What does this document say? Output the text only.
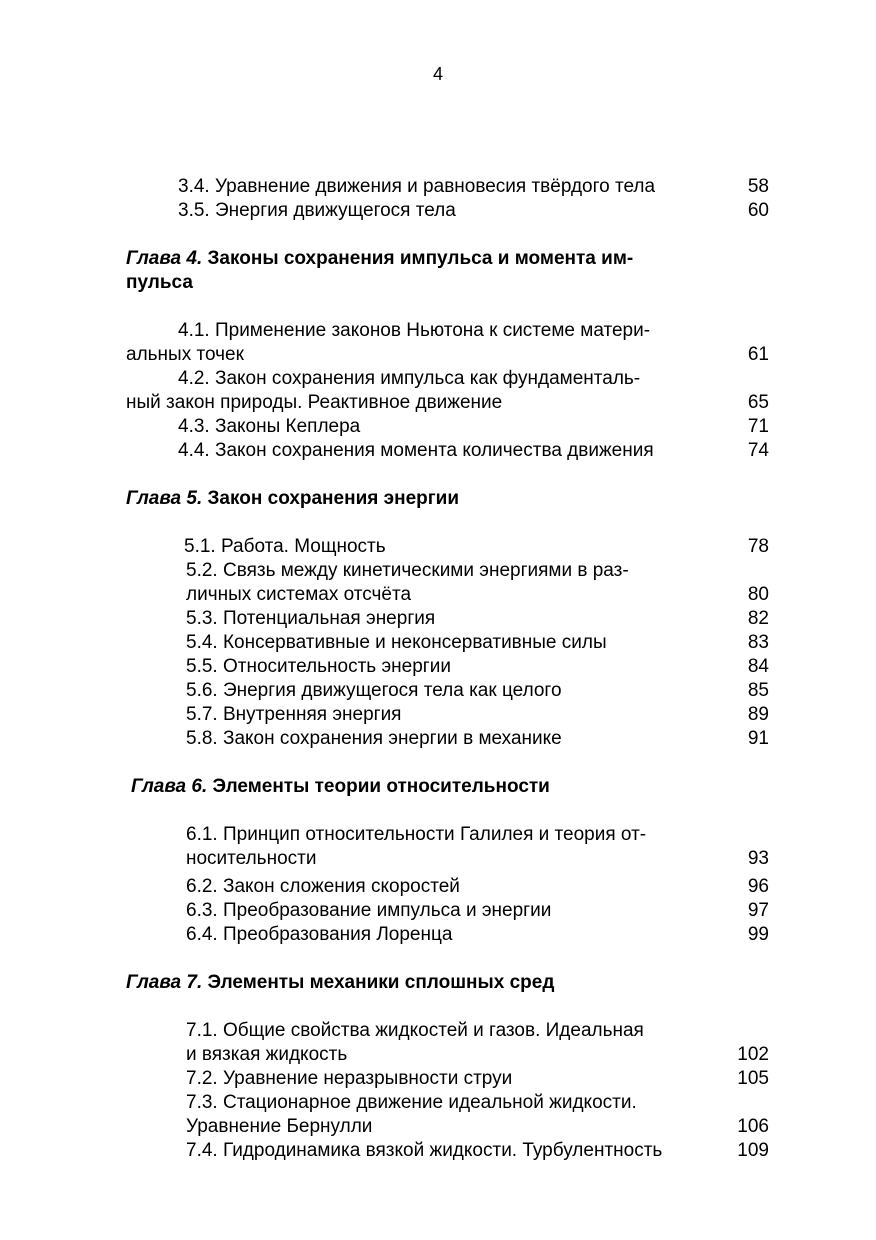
4
3.4. Уравнение движения и равновесия твёрдого тела	58
3.5. Энергия движущегося тела	60
Глава 4. Законы сохранения импульса и момента им-
пульса
4.1. Применение законов Ньютона к системе матери-
альных точек	61
4.2. Закон сохранения импульса как фундаменталь-
ный закон природы. Реактивное движение	65
4.3. Законы Кеплера	71
4.4. Закон сохранения момента количества движения	74
Глава 5. Закон сохранения энергии
5.1. Работа. Мощность	78
5.2. Связь между кинетическими энергиями в раз-
личных системах отсчёта	80
5.3. Потенциальная энергия	82
5.4. Консервативные и неконсервативные силы	83
5.5. Относительность энергии	84
5.6. Энергия движущегося тела как целого	85
5.7. Внутренняя энергия	89
5.8. Закон сохранения энергии в механике	91
Глава 6. Элементы теории относительности
6.1. Принцип относительности Галилея и теория от-
носительности	93
6.2. Закон сложения скоростей	96
6.3. Преобразование импульса и энергии	97
6.4. Преобразования Лоренца	99
Глава 7. Элементы механики сплошных сред
7.1. Общие свойства жидкостей и газов. Идеальная
и вязкая жидкость	102
7.2. Уравнение неразрывности струи	105
7.3. Стационарное движение идеальной жидкости.
Уравнение Бернулли	106
7.4. Гидродинамика вязкой жидкости. Турбулентность	109
